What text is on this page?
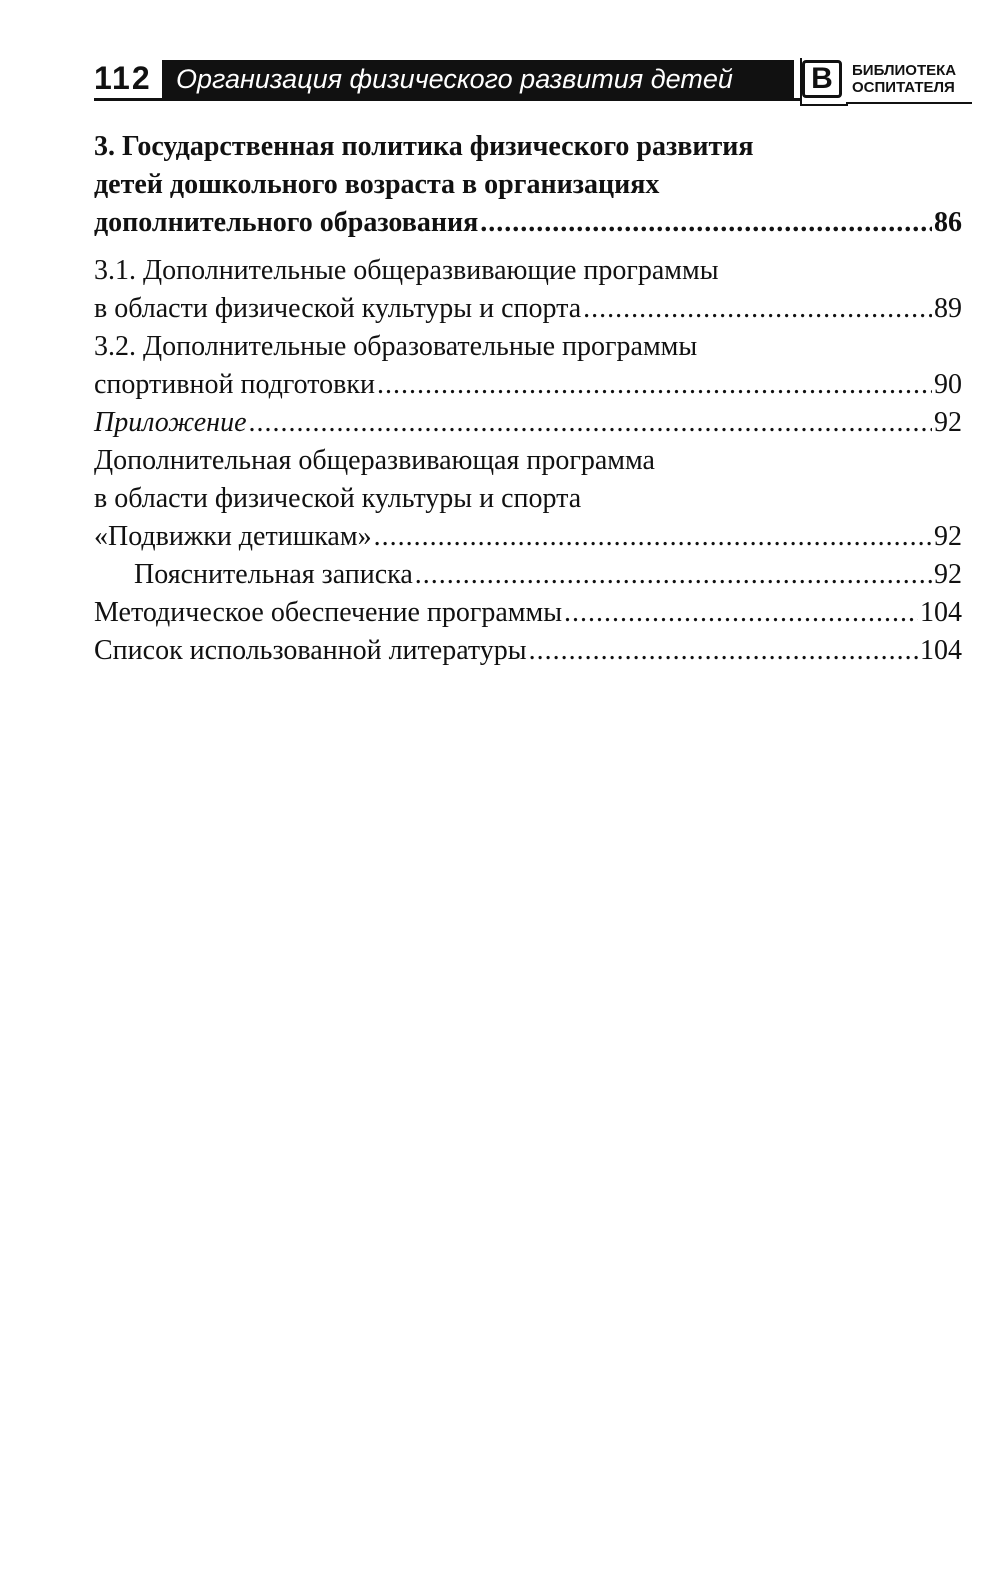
112 Организация физического развития детей	В	БИБЛИОТЕКА
ОСПИТАТЕЛЯ
3. Государственная политика физического развития
детей дошкольного возраста в организациях
дополнительного образования .....	86
3.1. Дополнительные общеразвивающие программы
в области физической культуры и спорта .....	89
3.2. Дополнительные образовательные программы
спортивной подготовки .....	90
Приложение .....	92
Дополнительная общеразвивающая программа
в области физической культуры и спорта
«Подвижки детишкам» .....	92
Пояснительная записка .....	92
Методическое обеспечение программы .....	104
Список использованной литературы .....	104
